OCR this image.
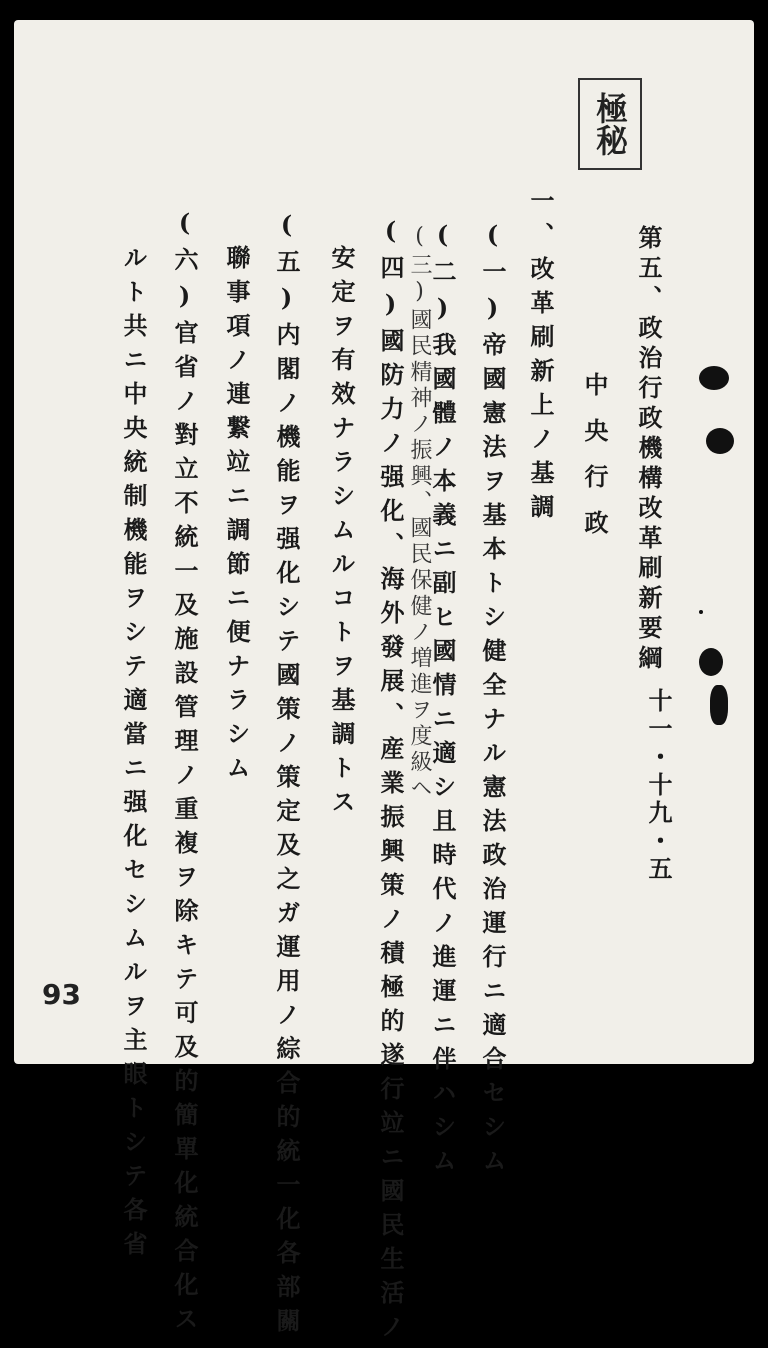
極秘
第五、政治行政機構改革刷新要綱
十一・十九・五
中央行政
一、改革刷新上ノ基調
(一)帝國憲法ヲ基本トシ健全ナル憲法政治運行ニ適合セシム
(二)我國體ノ本義ニ副ヒ國情ニ適シ且時代ノ進運ニ伴ハシム
(三)國民精神ノ振興、國民保健ノ増進ヲ度級ヘ
(四)國防力ノ强化、海外發展、産業振興策ノ積極的遂行竝ニ國民生活ノ
安定ヲ有效ナラシムルコトヲ基調トス
(五)内閣ノ機能ヲ强化シテ國策ノ策定及之ガ運用ノ綜合的統一化各部關
聯事項ノ連繋竝ニ調節ニ便ナラシム
(六)官省ノ對立不統一及施設管理ノ重複ヲ除キテ可及的簡單化統合化ス
ルト共ニ中央統制機能ヲシテ適當ニ强化セシムルヲ主眼トシテ各省
93
